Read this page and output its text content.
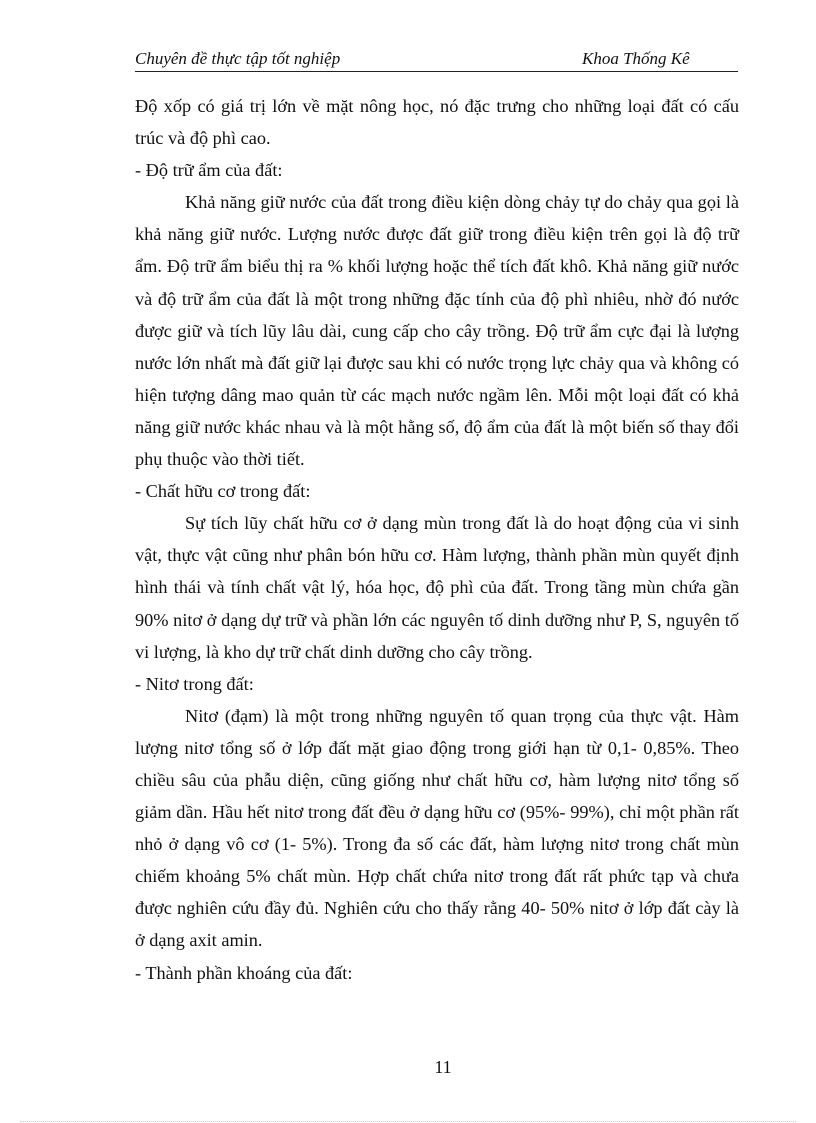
Chuyên đề thực tập tốt nghiệp	Khoa Thống Kê

Độ xốp có giá trị lớn về mặt nông học, nó đặc trưng cho những loại đất có cấu trúc và độ phì cao.

- Độ trữ ẩm của đất:

Khả năng giữ nước của đất trong điều kiện dòng chảy tự do chảy qua gọi là khả năng giữ nước. Lượng nước được đất giữ trong điều kiện trên gọi là độ trữ ẩm. Độ trữ ẩm biểu thị ra % khối lượng hoặc thể tích đất khô. Khả năng giữ nước và độ trữ ẩm của đất là một trong những đặc tính của độ phì nhiêu, nhờ đó nước được giữ và tích lũy lâu dài, cung cấp cho cây trồng. Độ trữ ẩm cực đại là lượng nước lớn nhất mà đất giữ lại được sau khi có nước trọng lực chảy qua và không có hiện tượng dâng mao quản từ các mạch nước ngầm lên. Mỗi một loại đất có khả năng giữ nước khác nhau và là một hằng số, độ ẩm của đất là một biến số thay đổi phụ thuộc vào thời tiết.

- Chất hữu cơ trong đất:

Sự tích lũy chất hữu cơ ở dạng mùn trong đất là do hoạt động của vi sinh vật, thực vật cũng như phân bón hữu cơ. Hàm lượng, thành phần mùn quyết định hình thái và tính chất vật lý, hóa học, độ phì của đất. Trong tầng mùn chứa gần 90% nitơ ở dạng dự trữ và phần lớn các nguyên tố dinh dưỡng như P, S, nguyên tố vi lượng, là kho dự trữ chất dinh dưỡng cho cây trồng.

- Nitơ trong đất:

Nitơ (đạm) là một trong những nguyên tố quan trọng của thực vật. Hàm lượng nitơ tổng số ở lớp đất mặt giao động trong giới hạn từ 0,1- 0,85%. Theo chiều sâu của phẫu diện, cũng giống như chất hữu cơ, hàm lượng nitơ tổng số giảm dần. Hầu hết nitơ trong đất đều ở dạng hữu cơ (95%- 99%), chỉ một phần rất nhỏ ở dạng vô cơ (1- 5%). Trong đa số các đất, hàm lượng nitơ trong chất mùn chiếm khoảng 5% chất mùn. Hợp chất chứa nitơ trong đất rất phức tạp và chưa được nghiên cứu đầy đủ. Nghiên cứu cho thấy rằng 40- 50% nitơ ở lớp đất cày là ở dạng axit amin.

- Thành phần khoáng của đất:

11
